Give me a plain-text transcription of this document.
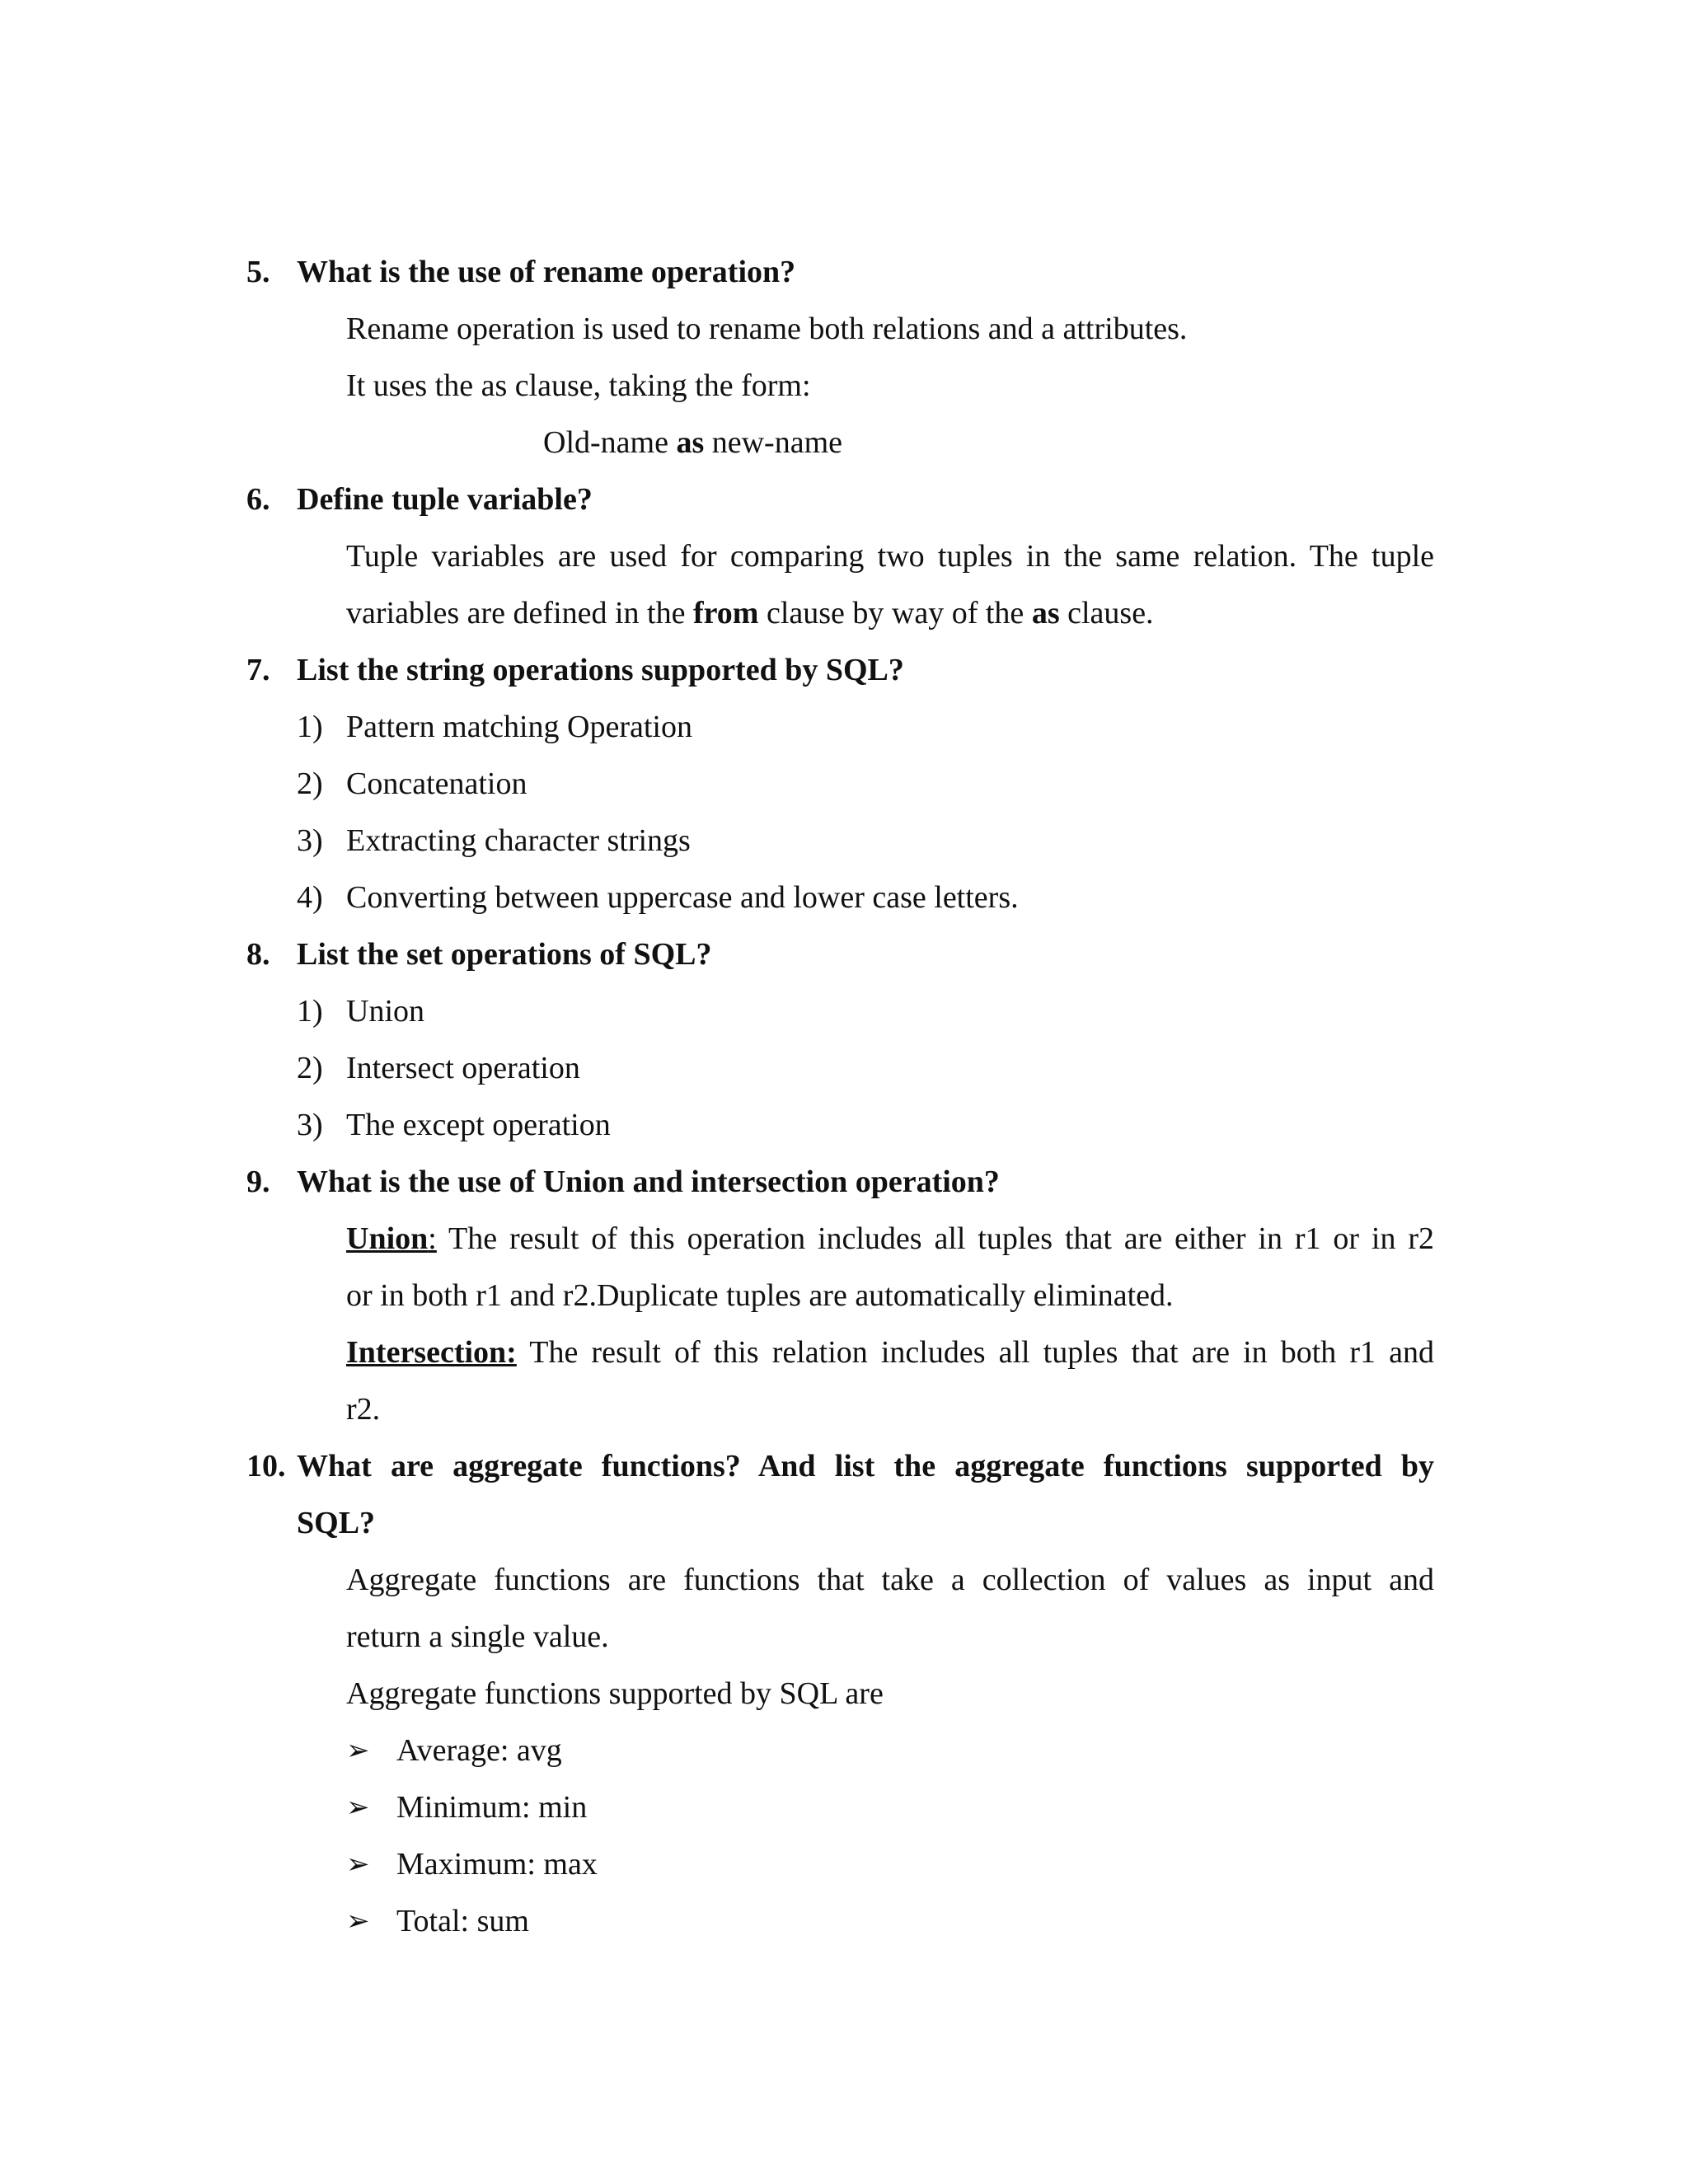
5. What is the use of rename operation?
Rename operation is used to rename both relations and a attributes.
It uses the as clause, taking the form:
Old-name as new-name
6. Define tuple variable?
Tuple variables are used for comparing two tuples in the same relation. The tuple
variables are defined in the from clause by way of the as clause.
7. List the string operations supported by SQL?
1) Pattern matching Operation
2) Concatenation
3) Extracting character strings
4) Converting between uppercase and lower case letters.
8. List the set operations of SQL?
1) Union
2) Intersect operation
3) The except operation
9. What is the use of Union and intersection operation?
Union: The result of this operation includes all tuples that are either in r1 or in r2
or in both r1 and r2.Duplicate tuples are automatically eliminated.
Intersection: The result of this relation includes all tuples that are in both r1 and
r2.
10. What are aggregate functions? And list the aggregate functions supported by
SQL?
Aggregate functions are functions that take a collection of values as input and
return a single value.
Aggregate functions supported by SQL are
➢ Average: avg
➢ Minimum: min
➢ Maximum: max
➢ Total: sum
